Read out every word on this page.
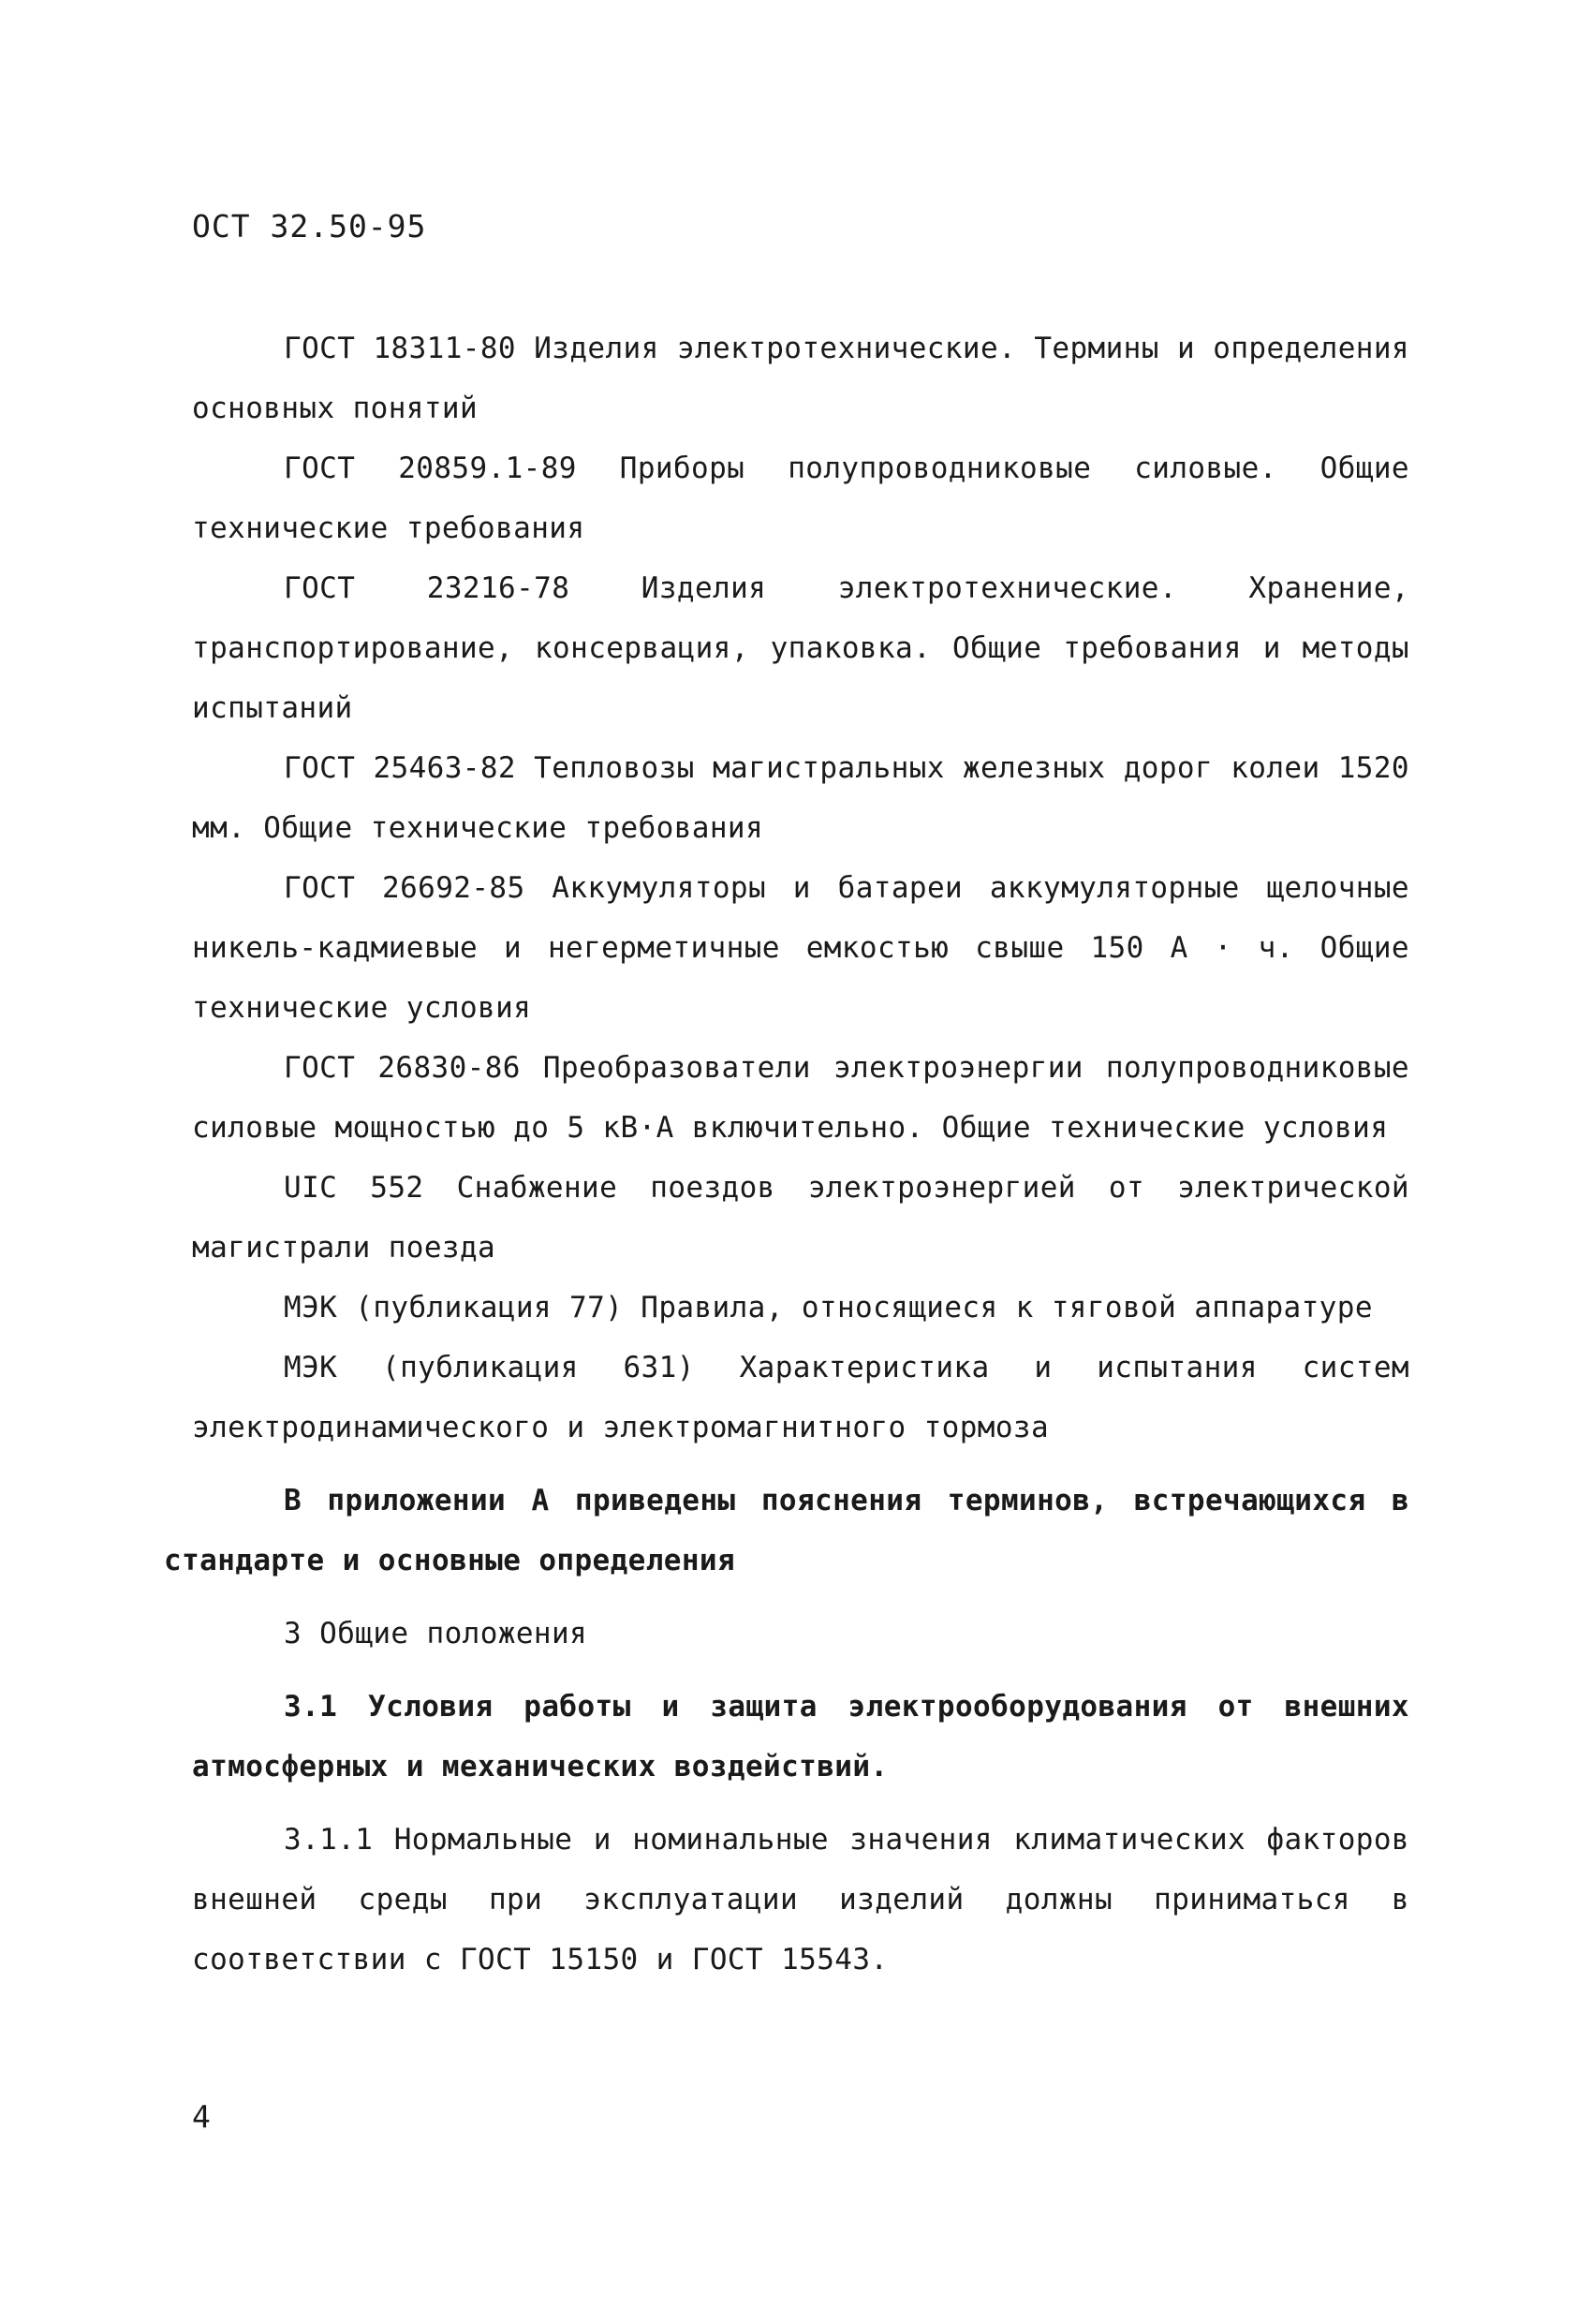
ОСТ 32.50-95

ГОСТ 18311-80 Изделия электротехнические. Термины и определения основных понятий

ГОСТ 20859.1-89 Приборы полупроводниковые силовые. Общие технические требования

ГОСТ 23216-78 Изделия электротехнические. Хранение, транспортирование, консервация, упаковка. Общие требования и методы испытаний

ГОСТ 25463-82 Тепловозы магистральных железных дорог колеи 1520 мм. Общие технические требования

ГОСТ 26692-85 Аккумуляторы и батареи аккумуляторные щелочные никель-кадмиевые и негерметичные емкостью свыше 150 А · ч. Общие технические условия

ГОСТ 26830-86 Преобразователи электроэнергии полупроводниковые силовые мощностью до 5 кВ·А включительно. Общие технические условия

UIC 552 Снабжение поездов электроэнергией от электрической магистрали поезда

МЭК (публикация 77) Правила, относящиеся к тяговой аппаратуре

МЭК (публикация 631) Характеристика и испытания систем электродинамического и электромагнитного тормоза

В приложении А приведены пояснения терминов, встречающихся в стандарте и основные определения

3 Общие положения

3.1 Условия работы и защита электрооборудования от внешних атмосферных и механических воздействий.

3.1.1 Нормальные и номинальные значения климатических факторов внешней среды при эксплуатации изделий должны приниматься в соответствии с ГОСТ 15150 и ГОСТ 15543.

4
